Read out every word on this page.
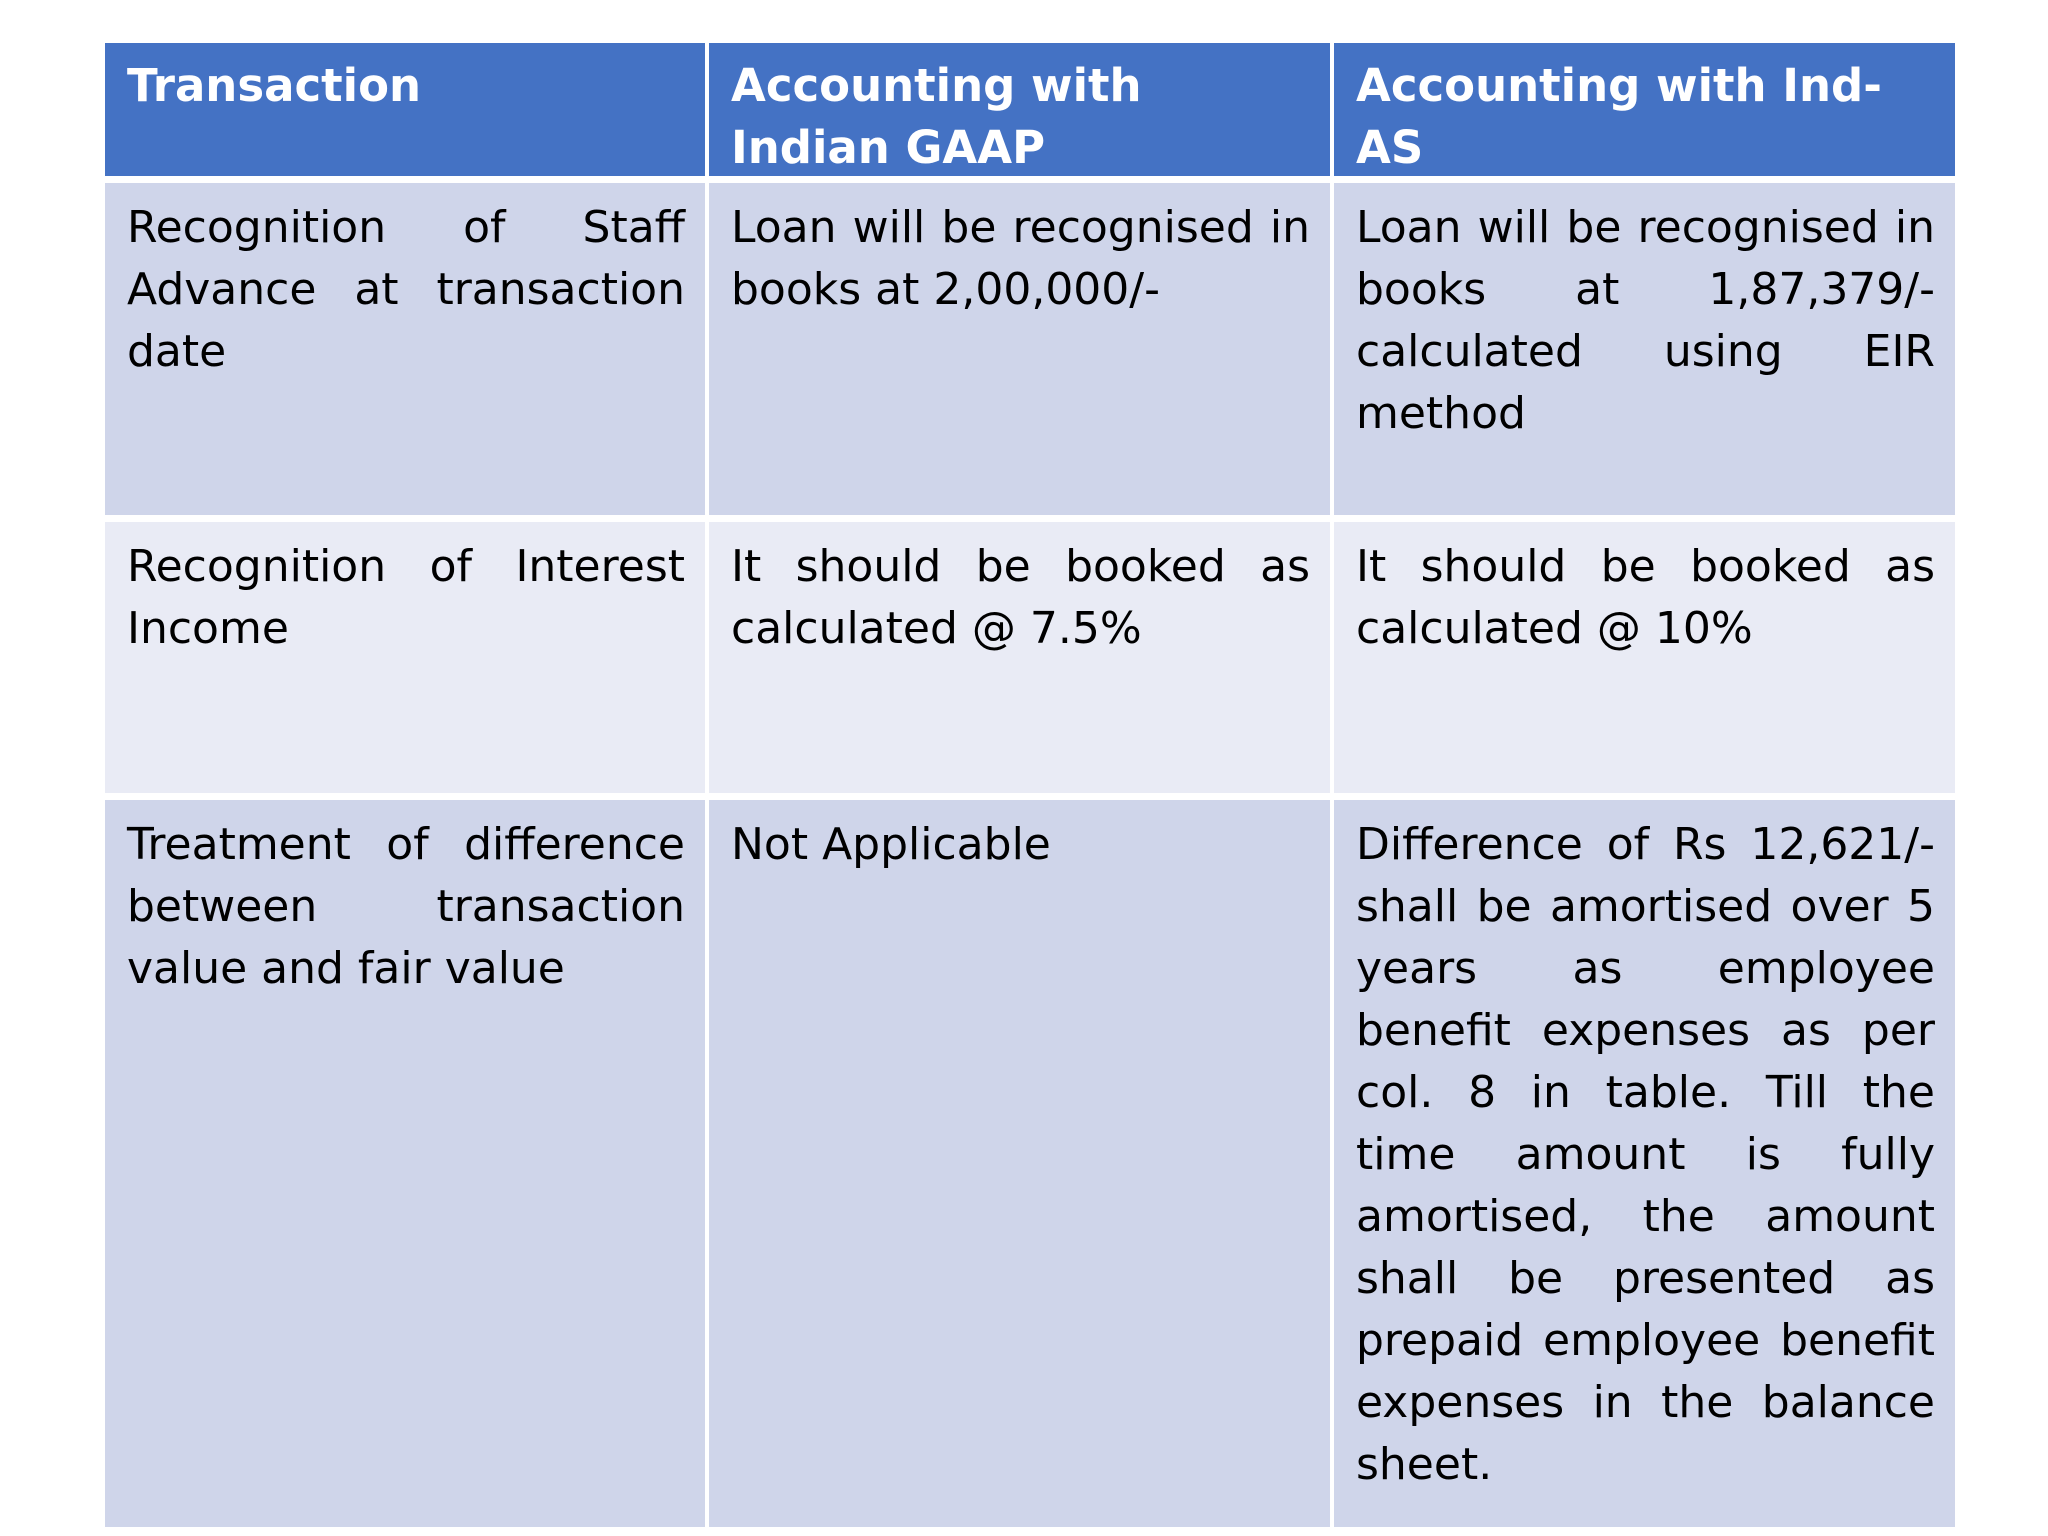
Transaction	Accounting with Indian GAAP
Accounting with Ind-AS
Recognition of Staff Advance at transaction date
Loan will be recognised in books at 2,00,000/-
Loan will be recognised in books at 1,87,379/- calculated using EIR method
Recognition of Interest Income
It should be booked as calculated @ 7.5%
It should be booked as calculated @ 10%
Treatment of difference between transaction value and fair value
Not Applicable	Difference of Rs 12,621/- shall be amortised over 5 years as employee benefit expenses as per col. 8 in table. Till the time amount is fully amortised, the amount shall be presented as prepaid employee benefit expenses in the balance sheet.
